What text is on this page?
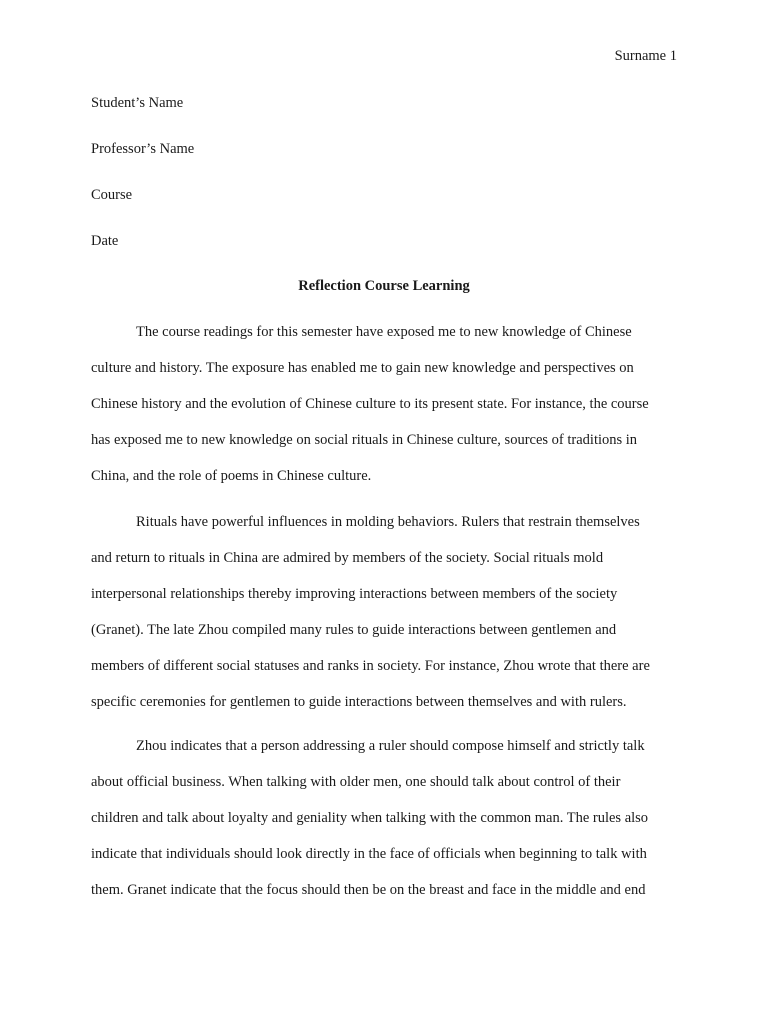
Surname 1
Student’s Name
Professor’s Name
Course
Date
Reflection Course Learning

The course readings for this semester have exposed me to new knowledge of Chinese
culture and history. The exposure has enabled me to gain new knowledge and perspectives on
Chinese history and the evolution of Chinese culture to its present state. For instance, the course
has exposed me to new knowledge on social rituals in Chinese culture, sources of traditions in
China, and the role of poems in Chinese culture.

Rituals have powerful influences in molding behaviors. Rulers that restrain themselves
and return to rituals in China are admired by members of the society. Social rituals mold
interpersonal relationships thereby improving interactions between members of the society
(Granet). The late Zhou compiled many rules to guide interactions between gentlemen and
members of different social statuses and ranks in society. For instance, Zhou wrote that there are
specific ceremonies for gentlemen to guide interactions between themselves and with rulers.

Zhou indicates that a person addressing a ruler should compose himself and strictly talk
about official business. When talking with older men, one should talk about control of their
children and talk about loyalty and geniality when talking with the common man. The rules also
indicate that individuals should look directly in the face of officials when beginning to talk with
them. Granet indicate that the focus should then be on the breast and face in the middle and end
